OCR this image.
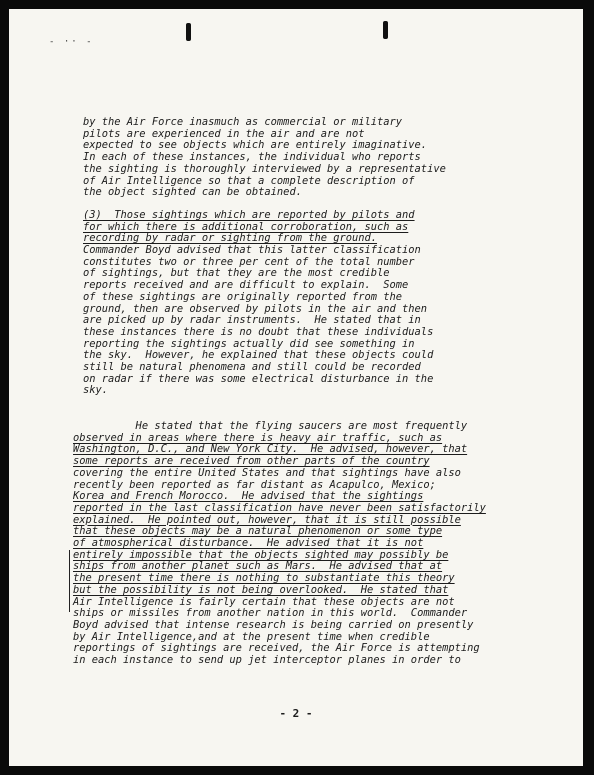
- ·· -
by the Air Force inasmuch as commercial or military
pilots are experienced in the air and are not
expected to see objects which are entirely imaginative.
In each of these instances, the individual who reports
the sighting is thoroughly interviewed by a representative
of Air Intelligence so that a complete description of
the object sighted can be obtained.
(3)  Those sightings which are reported by pilots and
for which there is additional corroboration, such as
recording by radar or sighting from the ground.
Commander Boyd advised that this latter classification
constitutes two or three per cent of the total number
of sightings, but that they are the most credible
reports received and are difficult to explain.  Some
of these sightings are originally reported from the
ground, then are observed by pilots in the air and then
are picked up by radar instruments.  He stated that in
these instances there is no doubt that these individuals
reporting the sightings actually did see something in
the sky.  However, he explained that these objects could
still be natural phenomena and still could be recorded
on radar if there was some electrical disturbance in the
sky.
He stated that the flying saucers are most frequently
observed in areas where there is heavy air traffic, such as
Washington, D.C., and New York City.  He advised, however, that
some reports are received from other parts of the country
covering the entire United States and that sightings have also
recently been reported as far distant as Acapulco, Mexico;
Korea and French Morocco.  He advised that the sightings
reported in the last classification have never been satisfactorily
explained.  He pointed out, however, that it is still possible
that these objects may be a natural phenomenon or some type
of atmospherical disturbance.  He advised that it is not
entirely impossible that the objects sighted may possibly be
ships from another planet such as Mars.  He advised that at
the present time there is nothing to substantiate this theory
but the possibility is not being overlooked.  He stated that
Air Intelligence is fairly certain that these objects are not
ships or missiles from another nation in this world.  Commander
Boyd advised that intense research is being carried on presently
by Air Intelligence,and at the present time when credible
reportings of sightings are received, the Air Force is attempting
in each instance to send up jet interceptor planes in order to
- 2 -
